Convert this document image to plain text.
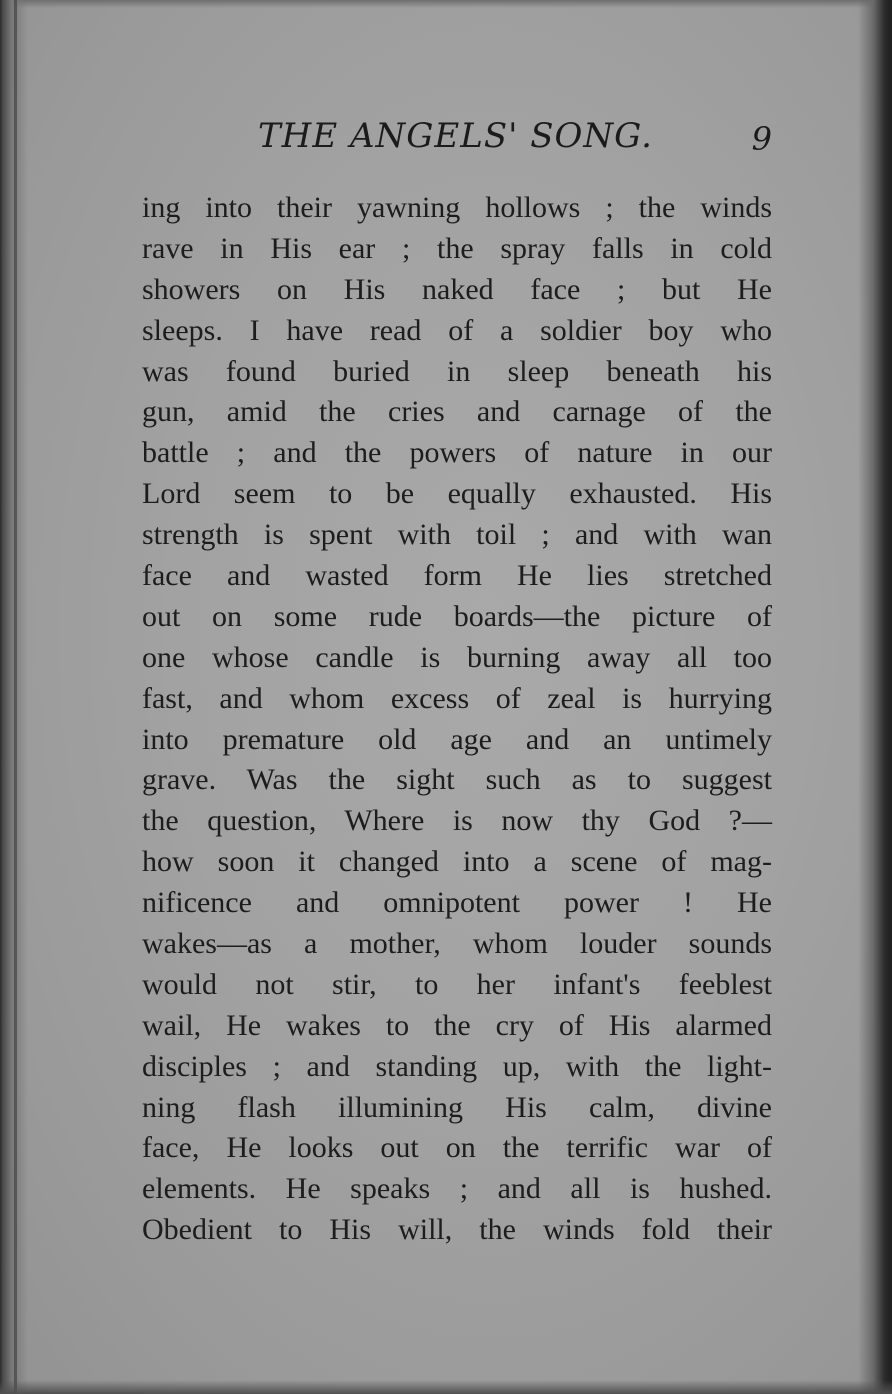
THE ANGELS' SONG.	9
ing into their yawning hollows ; the winds
rave in His ear ; the spray falls in cold
showers on His naked face ; but He
sleeps. I have read of a soldier boy who
was found buried in sleep beneath his
gun, amid the cries and carnage of the
battle ; and the powers of nature in our
Lord seem to be equally exhausted. His
strength is spent with toil ; and with wan
face and wasted form He lies stretched
out on some rude boards—the picture of
one whose candle is burning away all too
fast, and whom excess of zeal is hurrying
into premature old age and an untimely
grave. Was the sight such as to suggest
the question, Where is now thy God ?—
how soon it changed into a scene of mag-
nificence and omnipotent power ! He
wakes—as a mother, whom louder sounds
would not stir, to her infant's feeblest
wail, He wakes to the cry of His alarmed
disciples ; and standing up, with the light-
ning flash illumining His calm, divine
face, He looks out on the terrific war of
elements. He speaks ; and all is hushed.
Obedient to His will, the winds fold their
